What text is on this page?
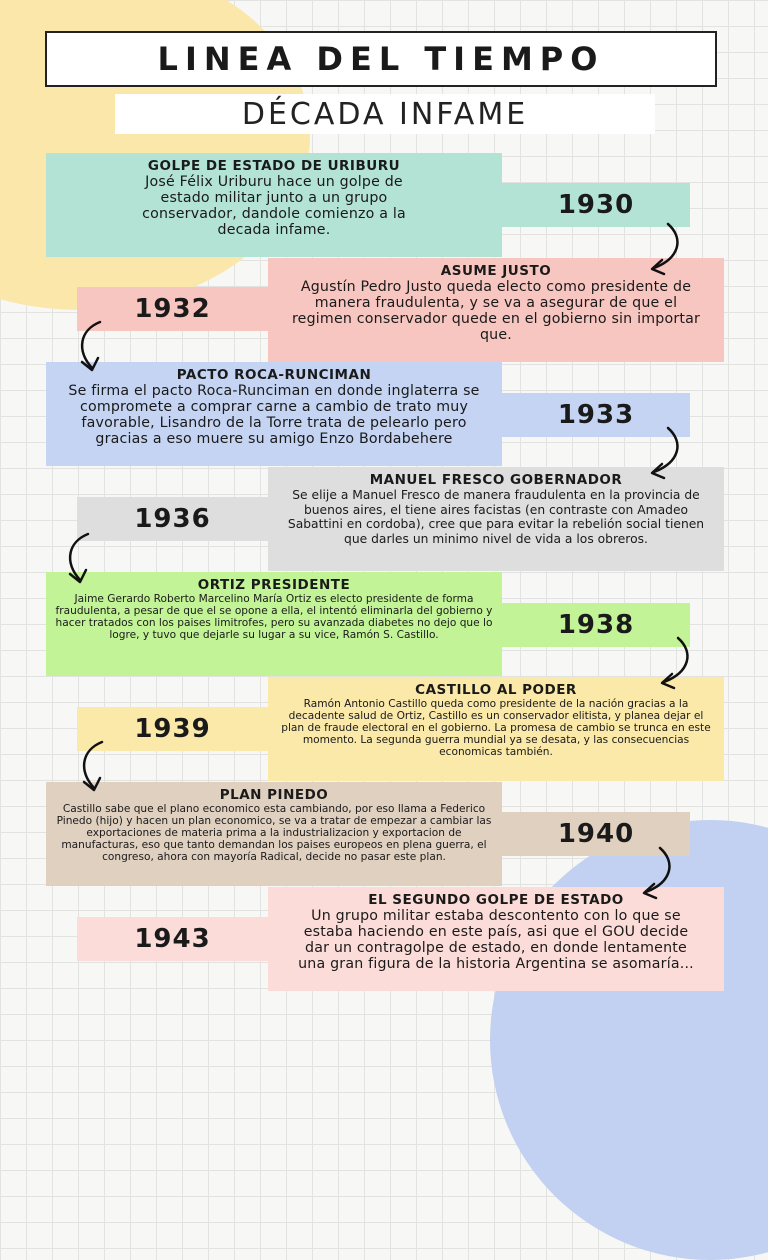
LINEA DEL TIEMPO
DÉCADA INFAME
GOLPE DE ESTADO DE URIBURU

José Félix Uriburu hace un golpe de estado militar junto a un grupo conservador, dandole comienzo a la decada infame.

1930
ASUME JUSTO

Agustín Pedro Justo queda electo como presidente de manera fraudulenta, y se va a asegurar de que el regimen conservador quede en el gobierno sin importar que.

1932
PACTO ROCA-RUNCIMAN

Se firma el pacto Roca-Runciman en donde inglaterra se compromete a comprar carne a cambio de trato muy favorable, Lisandro de la Torre trata de pelearlo pero gracias a eso muere su amigo Enzo Bordabehere

1933
MANUEL FRESCO GOBERNADOR

Se elije a Manuel Fresco de manera fraudulenta en la provincia de buenos aires, el tiene aires facistas (en contraste con Amadeo Sabattini en cordoba), cree que para evitar la rebelión social tienen que darles un minimo nivel de vida a los obreros.

1936
ORTIZ PRESIDENTE

Jaime Gerardo Roberto Marcelino María Ortiz es electo presidente de forma fraudulenta, a pesar de que el se opone a ella, el intentó eliminarla del gobierno y hacer tratados con los paises limitrofes, pero su avanzada diabetes no dejo que lo logre, y tuvo que dejarle su lugar a su vice, Ramón S. Castillo.	1938
CASTILLO AL PODER

Ramón Antonio Castillo queda como presidente de la nación gracias a la decadente salud de Ortiz, Castillo es un conservador elitista, y planea dejar el plan de fraude electoral en el gobierno. La promesa de cambio se trunca en este momento. La segunda guerra mundial ya se desata, y las consecuencias economicas también.

1939
PLAN PINEDO

Castillo sabe que el plano economico esta cambiando, por eso llama a Federico Pinedo (hijo) y hacen un plan economico, se va a tratar de empezar a cambiar las exportaciones de materia prima a la industrializacion y exportacion de manufacturas, eso que tanto demandan los paises europeos en plena guerra, el congreso, ahora con mayoría Radical, decide no pasar este plan.

1940
EL SEGUNDO GOLPE DE ESTADO

Un grupo militar estaba descontento con lo que se estaba haciendo en este país, asi que el GOU decide dar un contragolpe de estado, en donde lentamente una gran figura de la historia Argentina se asomaría...

1943
